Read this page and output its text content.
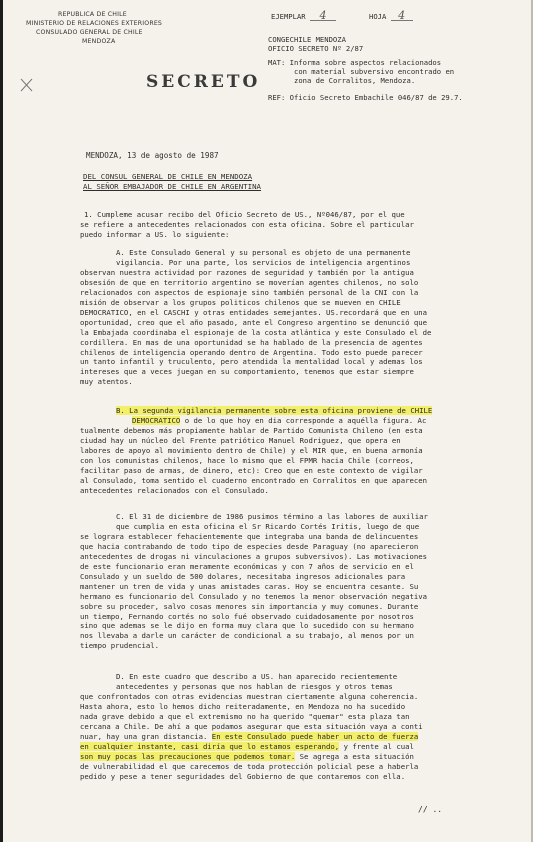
REPUBLICA DE CHILE
MINISTERIO DE RELACIONES EXTERIORES
CONSULADO GENERAL DE CHILE
MENDOZA
SECRETO
EJEMPLAR 4	HOJA 4
CONGECHILE MENDOZA
OFICIO SECRETO Nº 2/87
MAT: Informa sobre aspectos relacionados
con material subversivo encontrado en
zona de Corralitos, Mendoza.
REF: Oficio Secreto Embachile 046/87 de 29.7.
MENDOZA, 13 de agosto de 1987
DEL CONSUL GENERAL DE CHILE EN MENDOZA
AL SEÑOR EMBAJADOR DE CHILE EN ARGENTINA
1. Cumpleme acusar recibo del Oficio Secreto de US., Nº046/87, por el que
se refiere a antecedentes relacionados con esta oficina. Sobre el particular
puedo informar a US. lo siguiente:
A. Este Consulado General y su personal es objeto de una permanente
vigilancia. Por una parte, los servicios de inteligencia argentinos
observan nuestra actividad por razones de seguridad y también por la antigua
obsesión de que en territorio argentino se moverían agentes chilenos, no solo
relacionados con aspectos de espionaje sino también personal de la CNI con la
misión de observar a los grupos politicos chilenos que se mueven en CHILE
DEMOCRATICO, en el CASCHI y otras entidades semejantes. US.recordará que en una
oportunidad, creo que el año pasado, ante el Congreso argentino se denunció que
la Embajada coordinaba el espionaje de la costa atlántica y este Consulado el de
cordillera. En mas de una oportunidad se ha hablado de la presencia de agentes
chilenos de inteligencia operando dentro de Argentina. Todo esto puede parecer
un tanto infantil y truculento, pero atendida la mentalidad local y ademas los
intereses que a veces juegan en su comportamiento, tenemos que estar siempre
muy atentos.
B. La segunda vigilancia permanente sobre esta oficina proviene de CHILE
DEMOCRATICO o de lo que hoy en dia corresponde a aquélla figura. Ac
tualmente debemos más propiamente hablar de Partido Comunista Chileno (en esta
ciudad hay un núcleo del Frente patriótico Manuel Rodriguez, que opera en
labores de apoyo al movimiento dentro de Chile) y el MIR que, en buena armonía
con los comunistas chilenos, hace lo mismo que el FPMR hacia Chile (correos,
facilitar paso de armas, de dinero, etc): Creo que en este contexto de vigilar
al Consulado, toma sentido el cuaderno encontrado en Corralitos en que aparecen
antecedentes relacionados con el Consulado.
C. El 31 de diciembre de 1986 pusimos término a las labores de auxiliar
que cumplia en esta oficina el Sr Ricardo Cortés Iritis, luego de que
se lograra establecer fehacientemente que integraba una banda de delincuentes
que hacia contrabando de todo tipo de especies desde Paraguay (no aparecieron
antecedentes de drogas ni vinculaciones a grupos subversivos). Las motivaciones
de este funcionario eran meramente económicas y con 7 años de servicio en el
Consulado y un sueldo de 500 dolares, necesitaba ingresos adicionales para
mantener un tren de vida y unas amistades caras. Hoy se encuentra cesante. Su
hermano es funcionario del Consulado y no tenemos la menor observación negativa
sobre su proceder, salvo cosas menores sin importancia y muy comunes. Durante
un tiempo, Fernando cortés no solo fué observado cuidadosamente por nosotros
sino que ademas se le dijo en forma muy clara que lo sucedido con su hermano
nos llevaba a darle un carácter de condicional a su trabajo, al menos por un
tiempo prudencial.
D. En este cuadro que describo a US. han aparecido recientemente
antecedentes y personas que nos hablan de riesgos y otros temas
que confrontados con otras evidencias muestran ciertamente alguna coherencia.
Hasta ahora, esto lo hemos dicho reiteradamente, en Mendoza no ha sucedido
nada grave debido a que el extremismo no ha querido "quemar" esta plaza tan
cercana a Chile. De ahí a que podamos asegurar que esta situación vaya a conti
nuar, hay una gran distancia. En este Consulado puede haber un acto de fuerza
en cualquier instante, casi diría que lo estamos esperando, y frente al cual
son muy pocas las precauciones que podemos tomar. Se agrega a esta situación
de vulnerabilidad el que carecemos de toda protección policial pese a haberla
pedido y pese a tener seguridades del Gobierno de que contaremos con ella.
// ..
